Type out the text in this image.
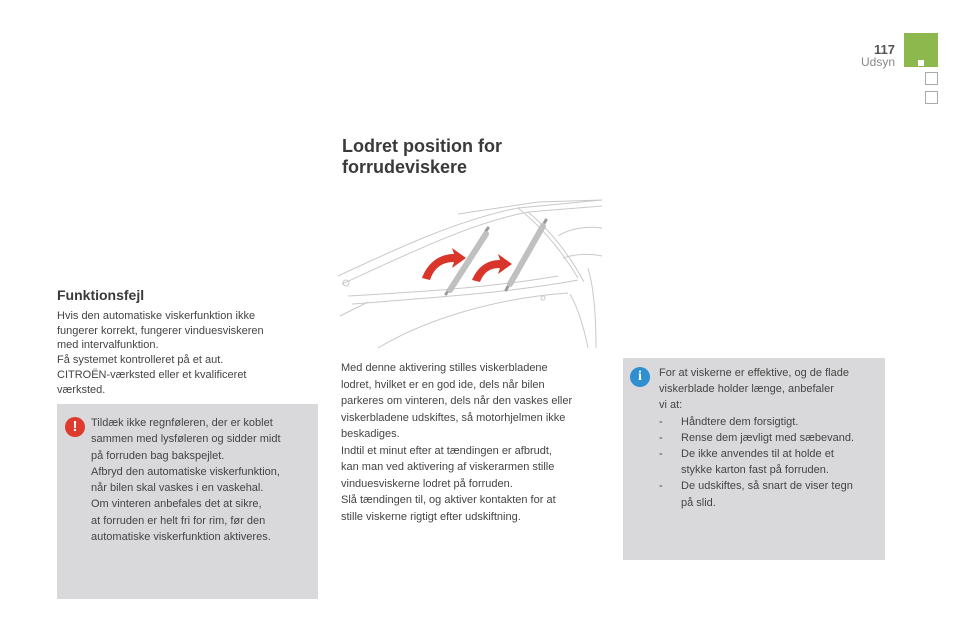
117
Udsyn
Lodret position for forrudeviskere
Funktionsfejl
Hvis den automatiske viskerfunktion ikke
fungerer korrekt, fungerer vinduesviskeren
med intervalfunktion.
Få systemet kontrolleret på et aut.
CITROËN-værksted eller et kvalificeret
værksted.
!	Tildæk ikke regnføleren, der er koblet
sammen med lysføleren og sidder midt
på forruden bag bakspejlet.
Afbryd den automatiske viskerfunktion,
når bilen skal vaskes i en vaskehal.
Om vinteren anbefales det at sikre,
at forruden er helt fri for rim, før den
automatiske viskerfunktion aktiveres.
Med denne aktivering stilles viskerbladene
lodret, hvilket er en god ide, dels når bilen
parkeres om vinteren, dels når den vaskes eller
viskerbladene udskiftes, så motorhjelmen ikke
beskadiges.
Indtil et minut efter at tændingen er afbrudt,
kan man ved aktivering af viskerarmen stille
vinduesviskerne lodret på forruden.
Slå tændingen til, og aktiver kontakten for at
stille viskerne rigtigt efter udskiftning.
i	For at viskerne er effektive, og de flade
viskerblade holder længe, anbefaler
vi at:
- Håndtere dem forsigtigt.
- Rense dem jævligt med sæbevand.
- De ikke anvendes til at holde et
stykke karton fast på forruden.
- De udskiftes, så snart de viser tegn
på slid.
